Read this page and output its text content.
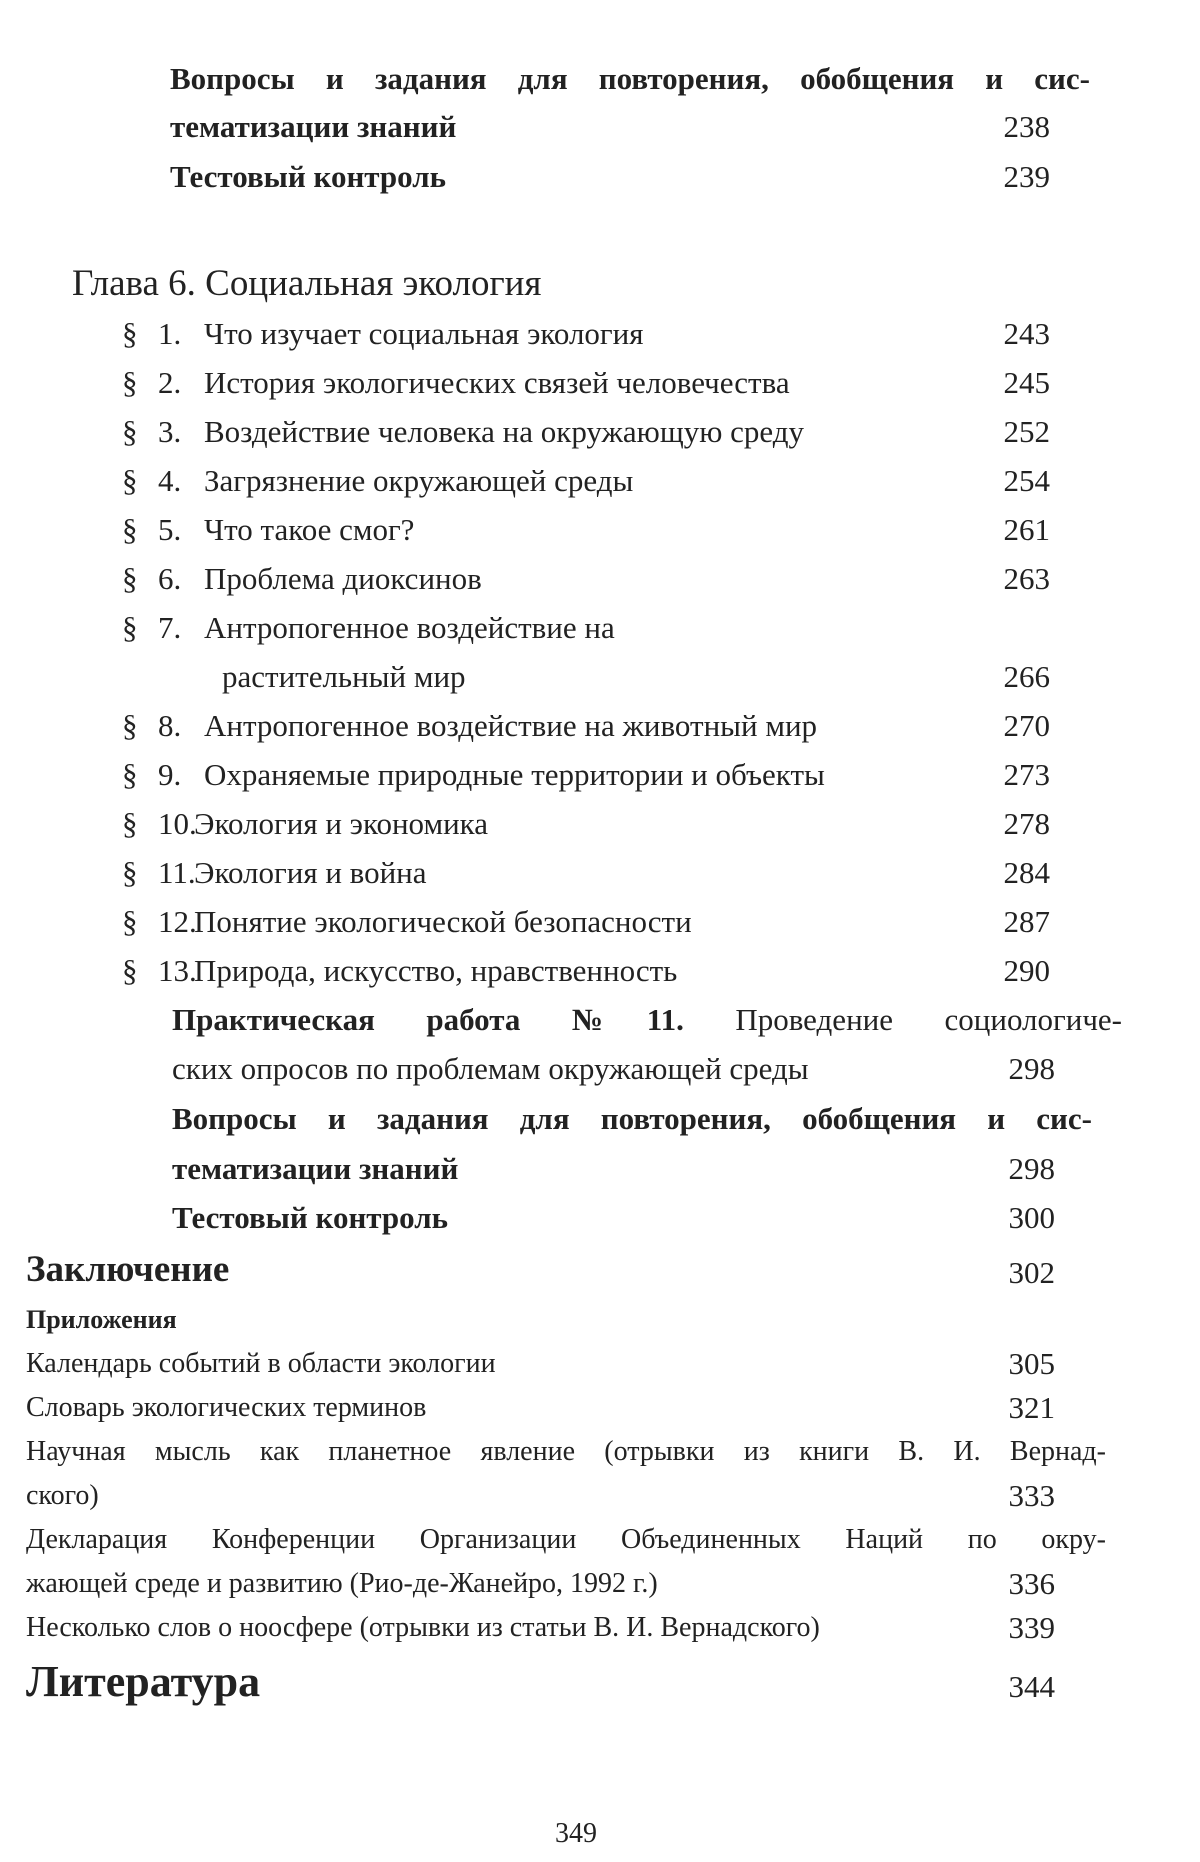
Вопросы и задания для повторения, обобщения и сис-
тематизации знаний	238
Тестовый контроль	239
Глава 6. Социальная экология
§ 1. Что изучает социальная экология	243
§ 2. История экологических связей человечества	245
§ 3. Воздействие человека на окружающую среду	252
§ 4. Загрязнение окружающей среды	254
§ 5. Что такое смог?	261
§ 6. Проблема диоксинов	263
§ 7. Антропогенное воздействие на
растительный мир	266
§ 8. Антропогенное воздействие на животный мир	270
§ 9. Охраняемые природные территории и объекты	273
§ 10.Экология и экономика	278
§ 11.Экология и война	284
§ 12.Понятие экологической безопасности	287
§ 13.Природа, искусство, нравственность	290
Практическая работа №11. Проведение социологиче-
ских опросов по проблемам окружающей среды	298
Вопросы и задания для повторения, обобщения и сис-
тематизации знаний	298
Тестовый контроль	300
Заключение	302
Приложения
Календарь событий в области экологии	305
Словарь экологических терминов	321
Научная мысль как планетное явление (отрывки из книги В. И. Вернад-
ского)	333
Декларация Конференции Организации Объединенных Наций по окру-
жающей среде и развитию (Рио-де-Жанейро, 1992 г.)	336
Несколько слов о ноосфере (отрывки из статьи В. И. Вернадского)	339
Литература	344
349
